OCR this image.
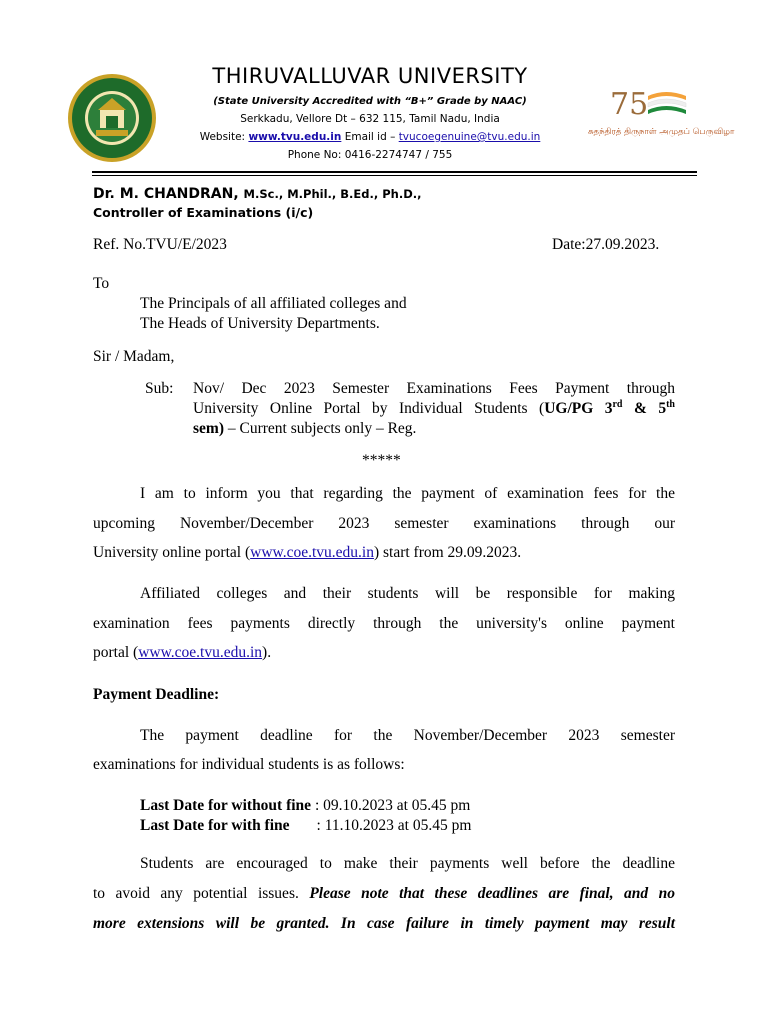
THIRUVALLUVAR UNIVERSITY
(State University Accredited with “B+” Grade by NAAC)
Serkkadu, Vellore Dt – 632 115, Tamil Nadu, India
Website: www.tvu.edu.in Email id – tvucoegenuine@tvu.edu.in
Phone No: 0416-2274747 / 755
75
சுதந்திரத் திருநாள் அமுதப் பெருவிழா
Dr. M. CHANDRAN, M.Sc., M.Phil., B.Ed., Ph.D.,
Controller of Examinations (i/c)
Ref. No.TVU/E/2023	Date:27.09.2023.
To
The Principals of all affiliated colleges and
The Heads of University Departments.
Sir / Madam,
Sub: Nov/ Dec 2023 Semester Examinations Fees Payment through
University Online Portal by Individual Students (UG/PG 3rd & 5th
sem) – Current subjects only – Reg.
*****
I am to inform you that regarding the payment of examination fees for the
upcoming November/December 2023 semester examinations through our
University online portal (www.coe.tvu.edu.in) start from 29.09.2023.
Affiliated colleges and their students will be responsible for making
examination fees payments directly through the university's online payment
portal (www.coe.tvu.edu.in).
Payment Deadline:
The payment deadline for the November/December 2023 semester
examinations for individual students is as follows:
Last Date for without fine : 09.10.2023 at 05.45 pm
Last Date for with fine : 11.10.2023 at 05.45 pm
Students are encouraged to make their payments well before the deadline
to avoid any potential issues. Please note that these deadlines are final, and no
more extensions will be granted. In case failure in timely payment may result
